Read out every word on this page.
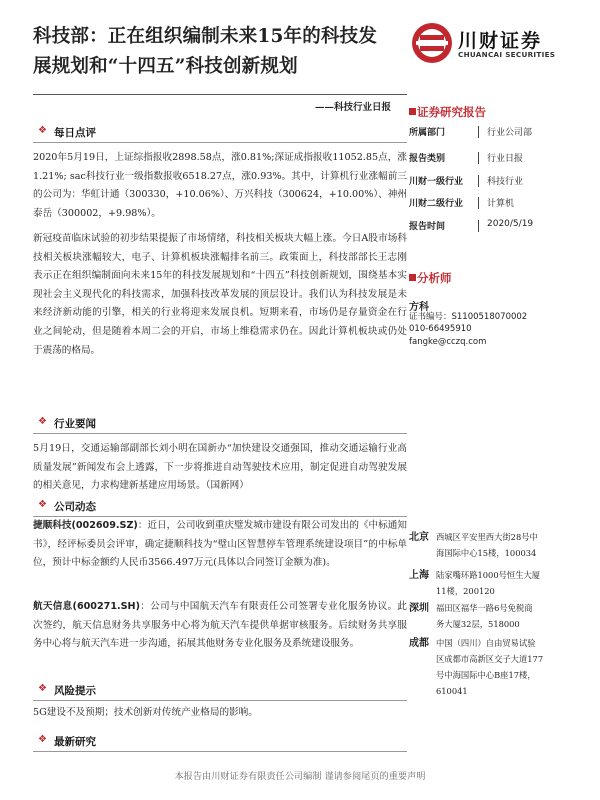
科技部：正在组织编制未来15年的科技发
展规划和“十四五”科技创新规划
川财证券
CHUANCAI SECURITIES
——科技行业日报
❖ 每日点评
2020年5月19日，上证综指报收2898.58点，涨0.81%;深证成指报收11052.85点，涨1.21%; sac科技行业一级指数报收6518.27点，涨0.93%。其中，计算机行业涨幅前三的公司为：华虹计通（300330，+10.06%）、万兴科技（300624，+10.00%）、神州泰岳（300002，+9.98%）。
新冠疫苗临床试验的初步结果提振了市场情绪，科技相关板块大幅上涨。今日A股市场科技相关板块涨幅较大，电子、计算机板块涨幅排名前三。政策面上，科技部部长王志刚表示正在组织编制面向未来15年的科技发展规划和“十四五”科技创新规划，围绕基本实现社会主义现代化的科技需求，加强科技改革发展的顶层设计。我们认为科技发展是未来经济新动能的引擎，相关的行业将迎来发展良机。短期来看，市场仍是存量资金在行业之间轮动，但是随着本周二会的开启，市场上维稳需求仍在。因此计算机板块或仍处于震荡的格局。
❖ 行业要闻
5月19日，交通运输部副部长刘小明在国新办“加快建设交通强国，推动交通运输行业高质量发展”新闻发布会上透露，下一步将推进自动驾驶技术应用，制定促进自动驾驶发展的相关意见，力求构建新基建应用场景。（国新网）
❖ 公司动态
捷顺科技(002609.SZ)：近日，公司收到重庆璧发城市建设有限公司发出的《中标通知书》，经评标委员会评审，确定捷顺科技为“璧山区智慧停车管理系统建设项目”的中标单位，预计中标金额约人民币3566.497万元(具体以合同签订金额为准)。
航天信息(600271.SH)：公司与中国航天汽车有限责任公司签署专业化服务协议。此次签约，航天信息财务共享服务中心将为航天汽车提供单据审核服务。后续财务共享服务中心将与航天汽车进一步沟通，拓展其他财务专业化服务及系统建设服务。
❖ 风险提示
5G建设不及预期；技术创新对传统产业格局的影响。
❖ 最新研究
证券研究报告
所属部门	行业公司部
报告类别	行业日报
川财一级行业	科技行业
川财二级行业	计算机
报告时间	2020/5/19
分析师
方科
证书编号：S1100518070002
010-66495910
fangke@cczq.com
北京 西城区平安里西大街28号中
海国际中心15楼，100034
上海 陆家嘴环路1000号恒生大厦
11楼，200120
深圳 福田区福华一路6号免税商
务大厦32层，518000
成都 中国（四川）自由贸易试验
区成都市高新区交子大道177
号中海国际中心B座17楼，
610041
本报告由川财证券有限责任公司编制 谨请参阅尾页的重要声明
